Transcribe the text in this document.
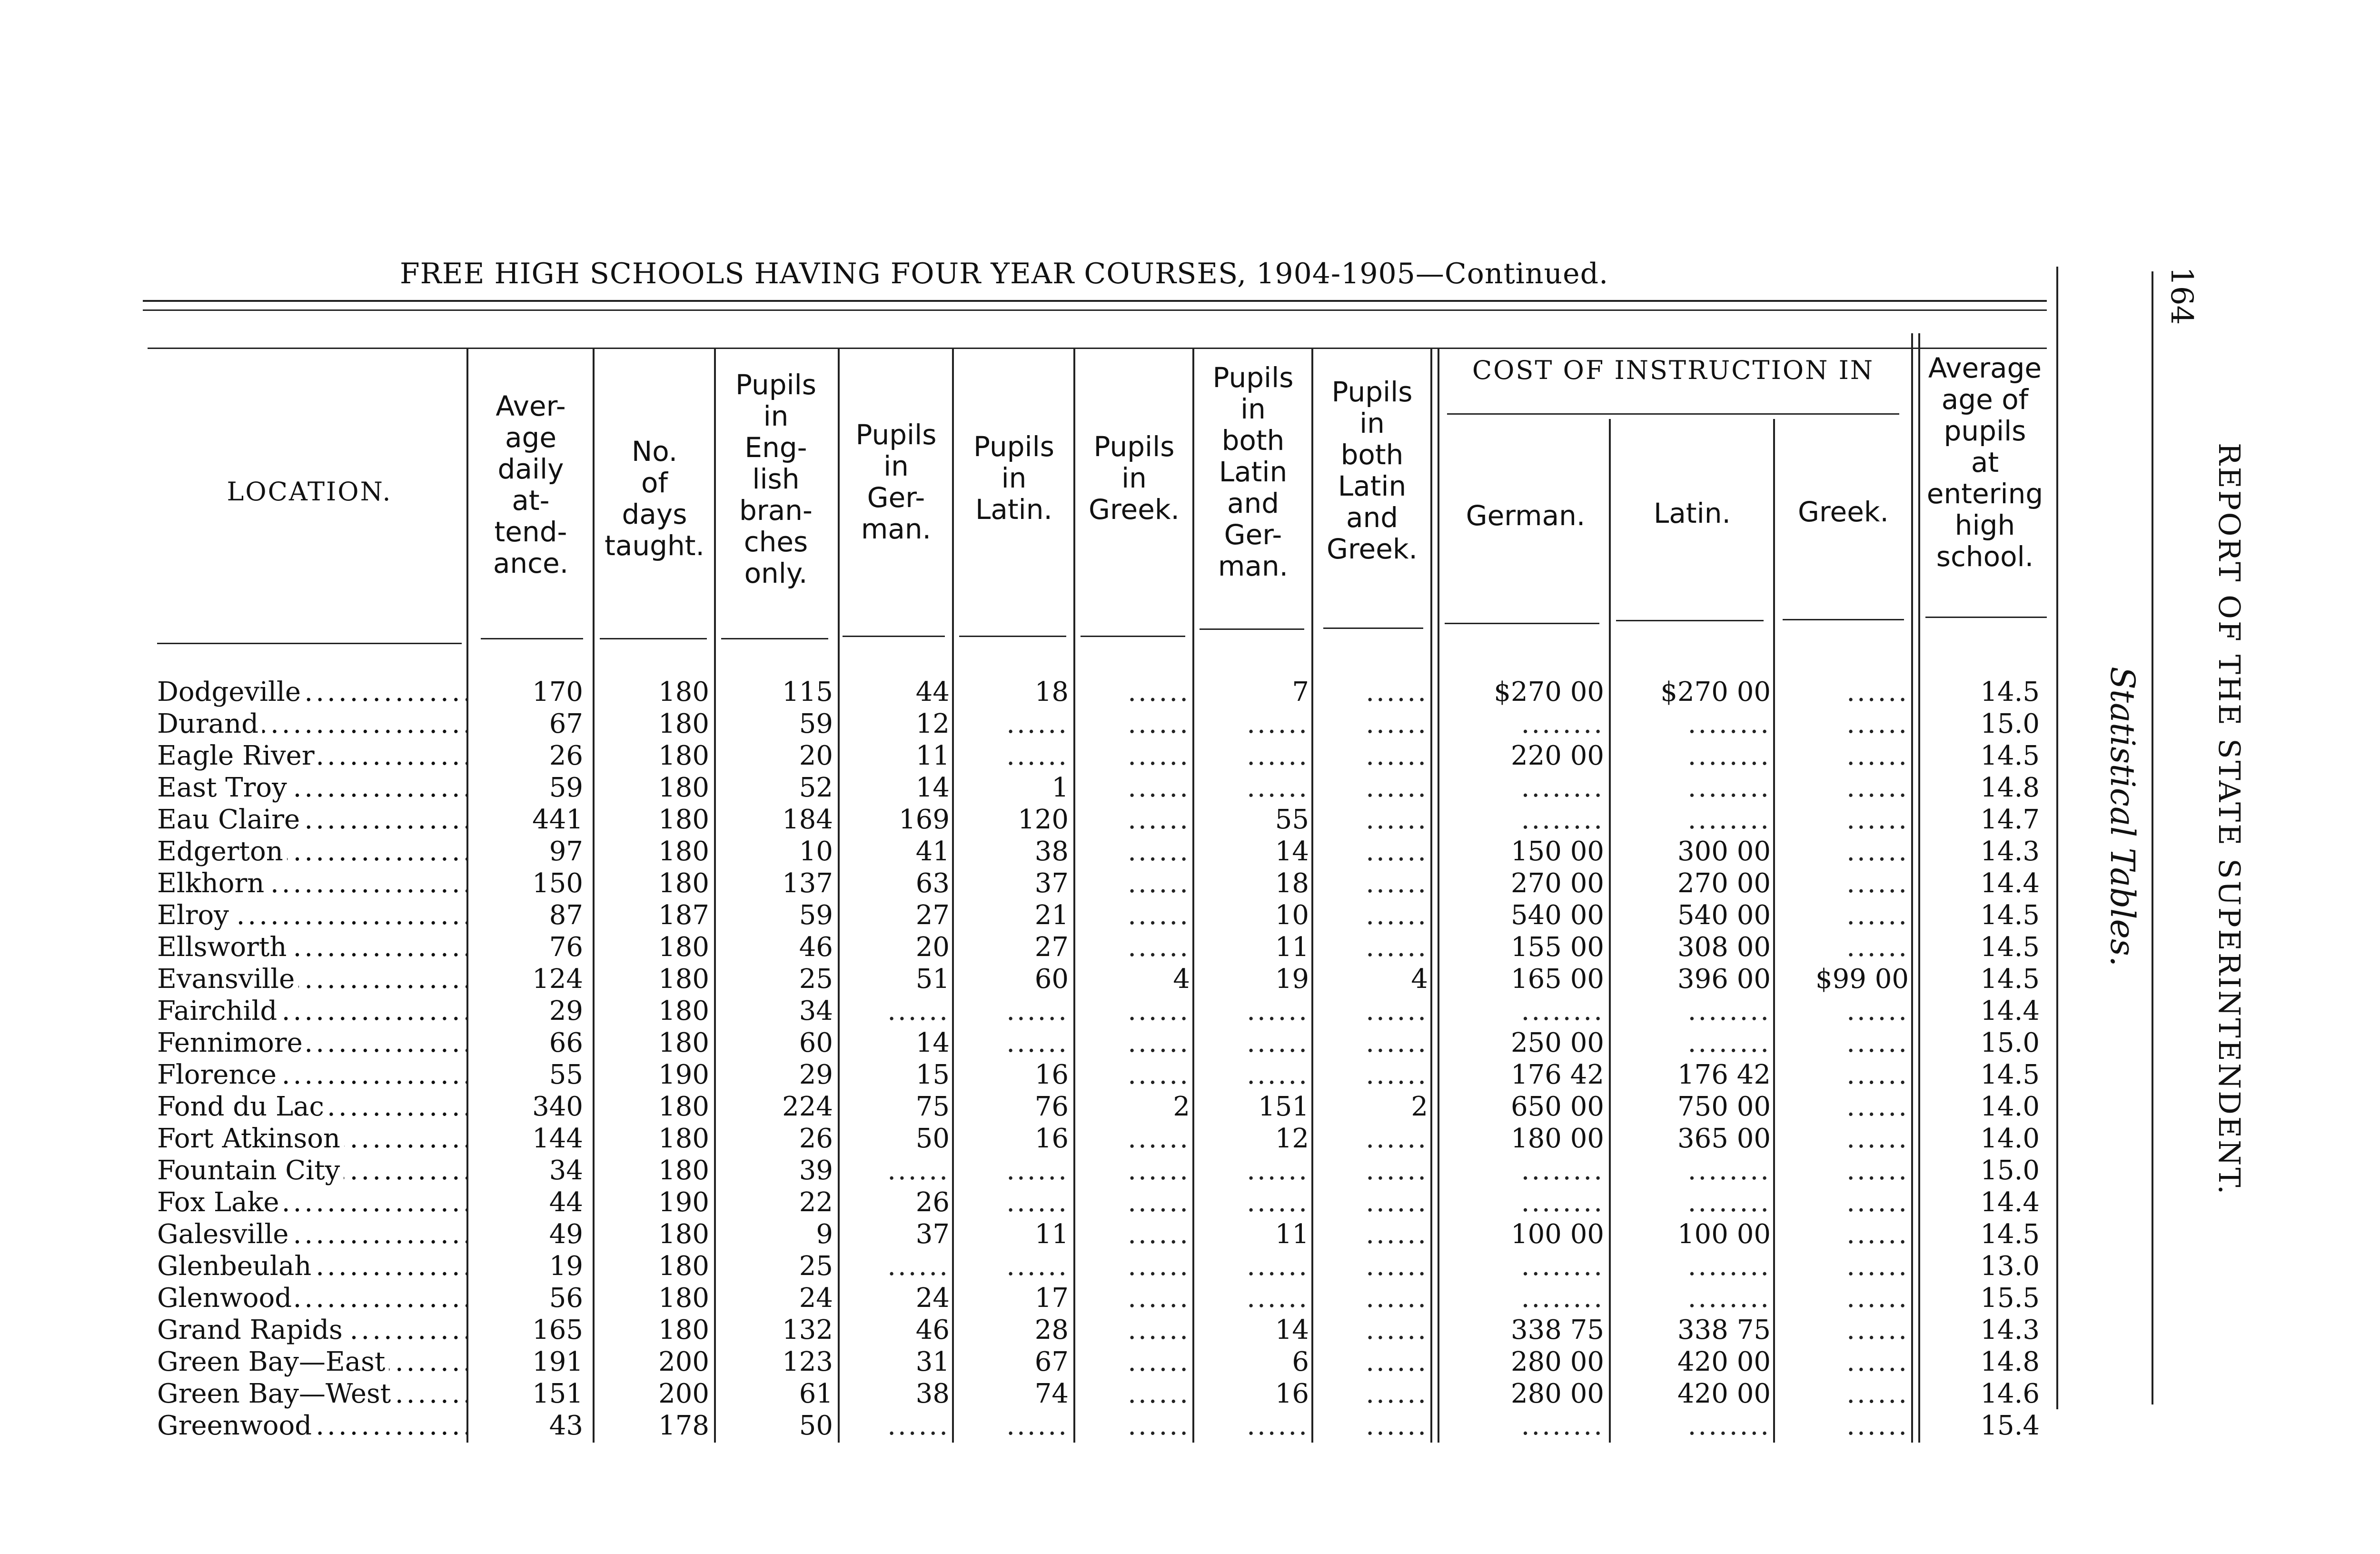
FREE HIGH SCHOOLS HAVING FOUR YEAR COURSES, 1904-1905—Continued.	164
REPORT OF THE STATE SUPERINTENDENT.
Statistical Tables.
LOCATION.
Aver-
age
daily
at-
tend-
ance.
No.
of
days
taught.
Pupils
in
Eng-
lish
bran-
ches
only.
Pupils
in
Ger-
man.
Pupils
in
Latin.
Pupils
in
Greek.
Pupils
in
both
Latin
and
Ger-
man.
Pupils
in
both
Latin
and
Greek.
COST OF INSTRUCTION IN
German.	Latin.	Greek.
Average
age of
pupils
at
entering
high
school.
Dodgeville .....	170	180	115	44	18	......	7	......	$270 00	$270 00	......	14.5
Durand .....	67	180	59	12	......	......	......	......	........	........	......	15.0
Eagle River .....	26	180	20	11	......	......	......	......	220 00	........	......	14.5
East Troy .....	59	180	52	14	1	......	......	......	........	........	......	14.8
Eau Claire .....	441	180	184	169	120	......	55	......	........	........	......	14.7
Edgerton .....	97	180	10	41	38	......	14	......	150 00	300 00	......	14.3
Elkhorn .....	150	180	137	63	37	......	18	......	270 00	270 00	......	14.4
Elroy .....	87	187	59	27	21	......	10	......	540 00	540 00	......	14.5
Ellsworth .....	76	180	46	20	27	......	11	......	155 00	308 00	......	14.5
Evansville .....	124	180	25	51	60	4	19	4	165 00	396 00	$99 00	14.5
Fairchild .....	29	180	34	......	......	......	......	......	........	........	......	14.4
Fennimore .....	66	180	60	14	......	......	......	......	250 00	........	......	15.0
Florence .....	55	190	29	15	16	......	......	......	176 42	176 42	......	14.5
Fond du Lac .....	340	180	224	75	76	2	151	2	650 00	750 00	......	14.0
Fort Atkinson .....	144	180	26	50	16	......	12	......	180 00	365 00	......	14.0
Fountain City .....	34	180	39	......	......	......	......	......	........	........	......	15.0
Fox Lake .....	44	190	22	26	......	......	......	......	........	........	......	14.4
Galesville .....	49	180	9	37	11	......	11	......	100 00	100 00	......	14.5
Glenbeulah .....	19	180	25	......	......	......	......	......	........	........	......	13.0
Glenwood .....	56	180	24	24	17	......	......	......	........	........	......	15.5
Grand Rapids .....	165	180	132	46	28	......	14	......	338 75	338 75	......	14.3
Green Bay—East .....	191	200	123	31	67	......	6	......	280 00	420 00	......	14.8
Green Bay—West .....	151	200	61	38	74	......	16	......	280 00	420 00	......	14.6
Greenwood .....	43	178	50	......	......	......	......	......	........	........	......	15.4
